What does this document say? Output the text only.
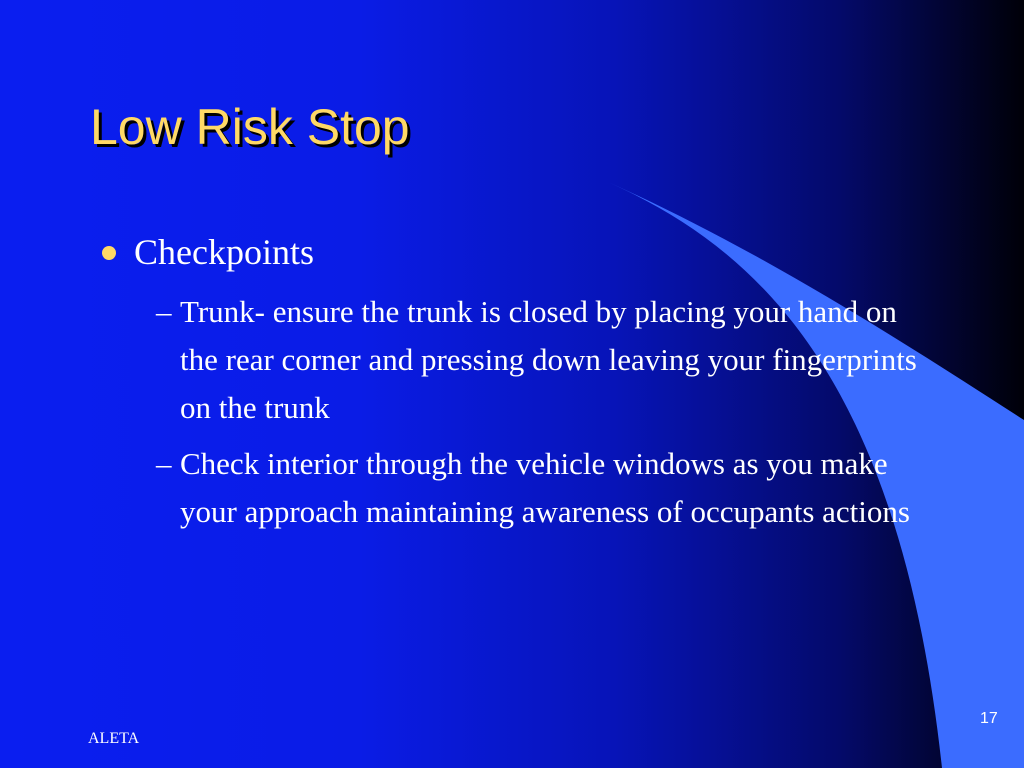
Low Risk Stop
Checkpoints
– Trunk- ensure the trunk is closed by placing your hand on the rear corner and pressing down leaving your fingerprints on the trunk
– Check interior through the vehicle windows as you make your approach maintaining awareness of occupants actions
ALETA
17
